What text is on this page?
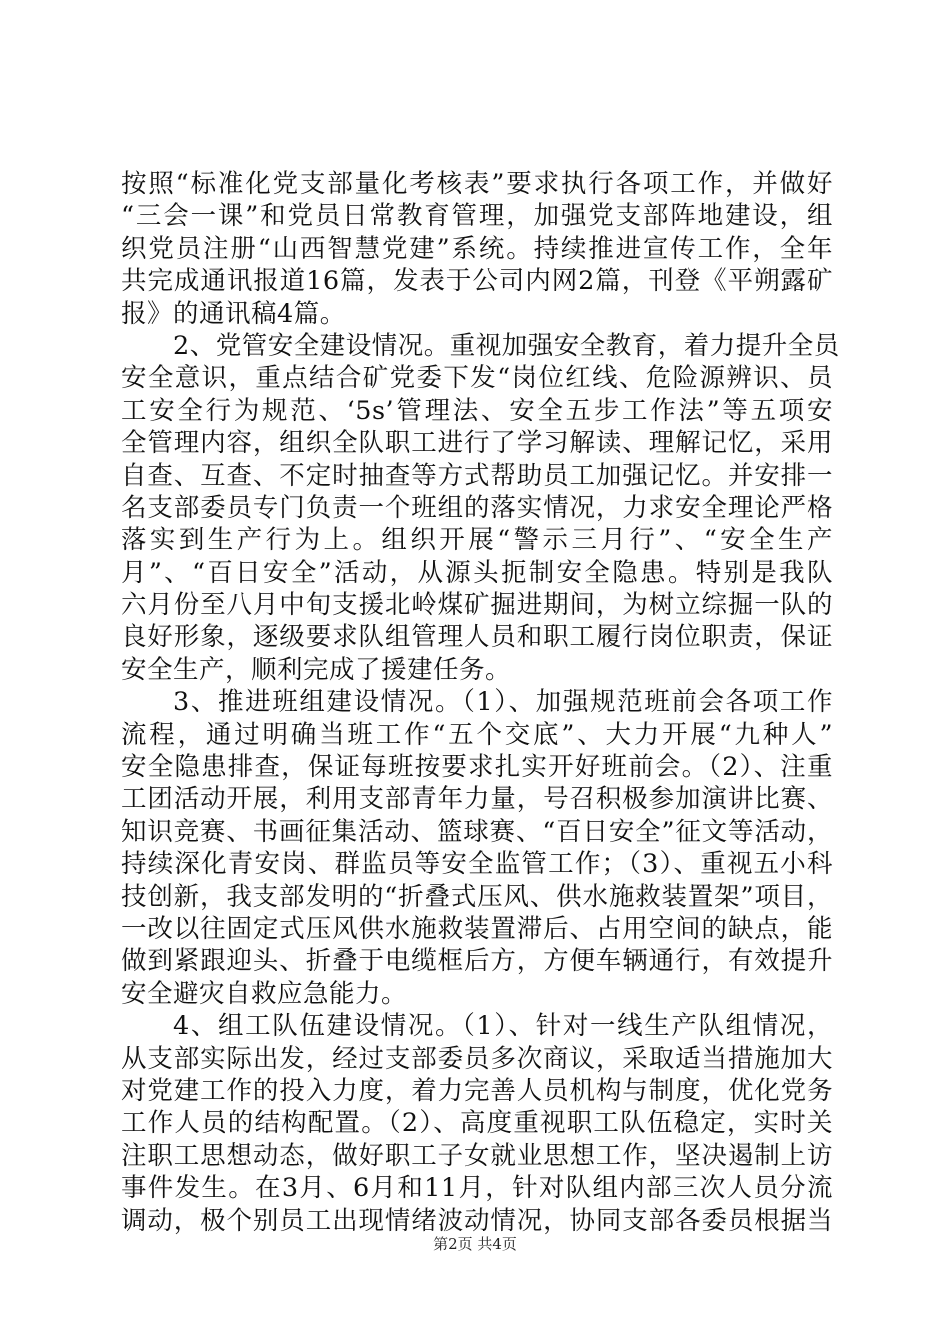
按照“标准化党支部量化考核表”要求执行各项工作，并做好
“三会一课”和党员日常教育管理，加强党支部阵地建设，组
织党员注册“山西智慧党建”系统。持续推进宣传工作，全年
共完成通讯报道16篇，发表于公司内网2篇，刊登《平朔露矿
报》的通讯稿4篇。
2、党管安全建设情况。重视加强安全教育，着力提升全员
安全意识，重点结合矿党委下发“岗位红线、危险源辨识、员
工安全行为规范、‘5s’管理法、安全五步工作法”等五项安
全管理内容，组织全队职工进行了学习解读、理解记忆，采用
自查、互查、不定时抽查等方式帮助员工加强记忆。并安排一
名支部委员专门负责一个班组的落实情况，力求安全理论严格
落实到生产行为上。组织开展“警示三月行”、“安全生产
月”、“百日安全”活动，从源头扼制安全隐患。特别是我队
六月份至八月中旬支援北岭煤矿掘进期间，为树立综掘一队的
良好形象，逐级要求队组管理人员和职工履行岗位职责，保证
安全生产，顺利完成了援建任务。
3、推进班组建设情况。（1）、加强规范班前会各项工作
流程，通过明确当班工作“五个交底”、大力开展“九种人”
安全隐患排查，保证每班按要求扎实开好班前会。（2）、注重
工团活动开展，利用支部青年力量，号召积极参加演讲比赛、
知识竞赛、书画征集活动、篮球赛、“百日安全”征文等活动，
持续深化青安岗、群监员等安全监管工作；（3）、重视五小科
技创新，我支部发明的“折叠式压风、供水施救装置架”项目，
一改以往固定式压风供水施救装置滞后、占用空间的缺点，能
做到紧跟迎头、折叠于电缆框后方，方便车辆通行，有效提升
安全避灾自救应急能力。
4、组工队伍建设情况。（1）、针对一线生产队组情况，
从支部实际出发，经过支部委员多次商议，采取适当措施加大
对党建工作的投入力度，着力完善人员机构与制度，优化党务
工作人员的结构配置。（2）、高度重视职工队伍稳定，实时关
注职工思想动态，做好职工子女就业思想工作，坚决遏制上访
事件发生。在3月、6月和11月，针对队组内部三次人员分流
调动，极个别员工出现情绪波动情况，协同支部各委员根据当
第2页 共4页
